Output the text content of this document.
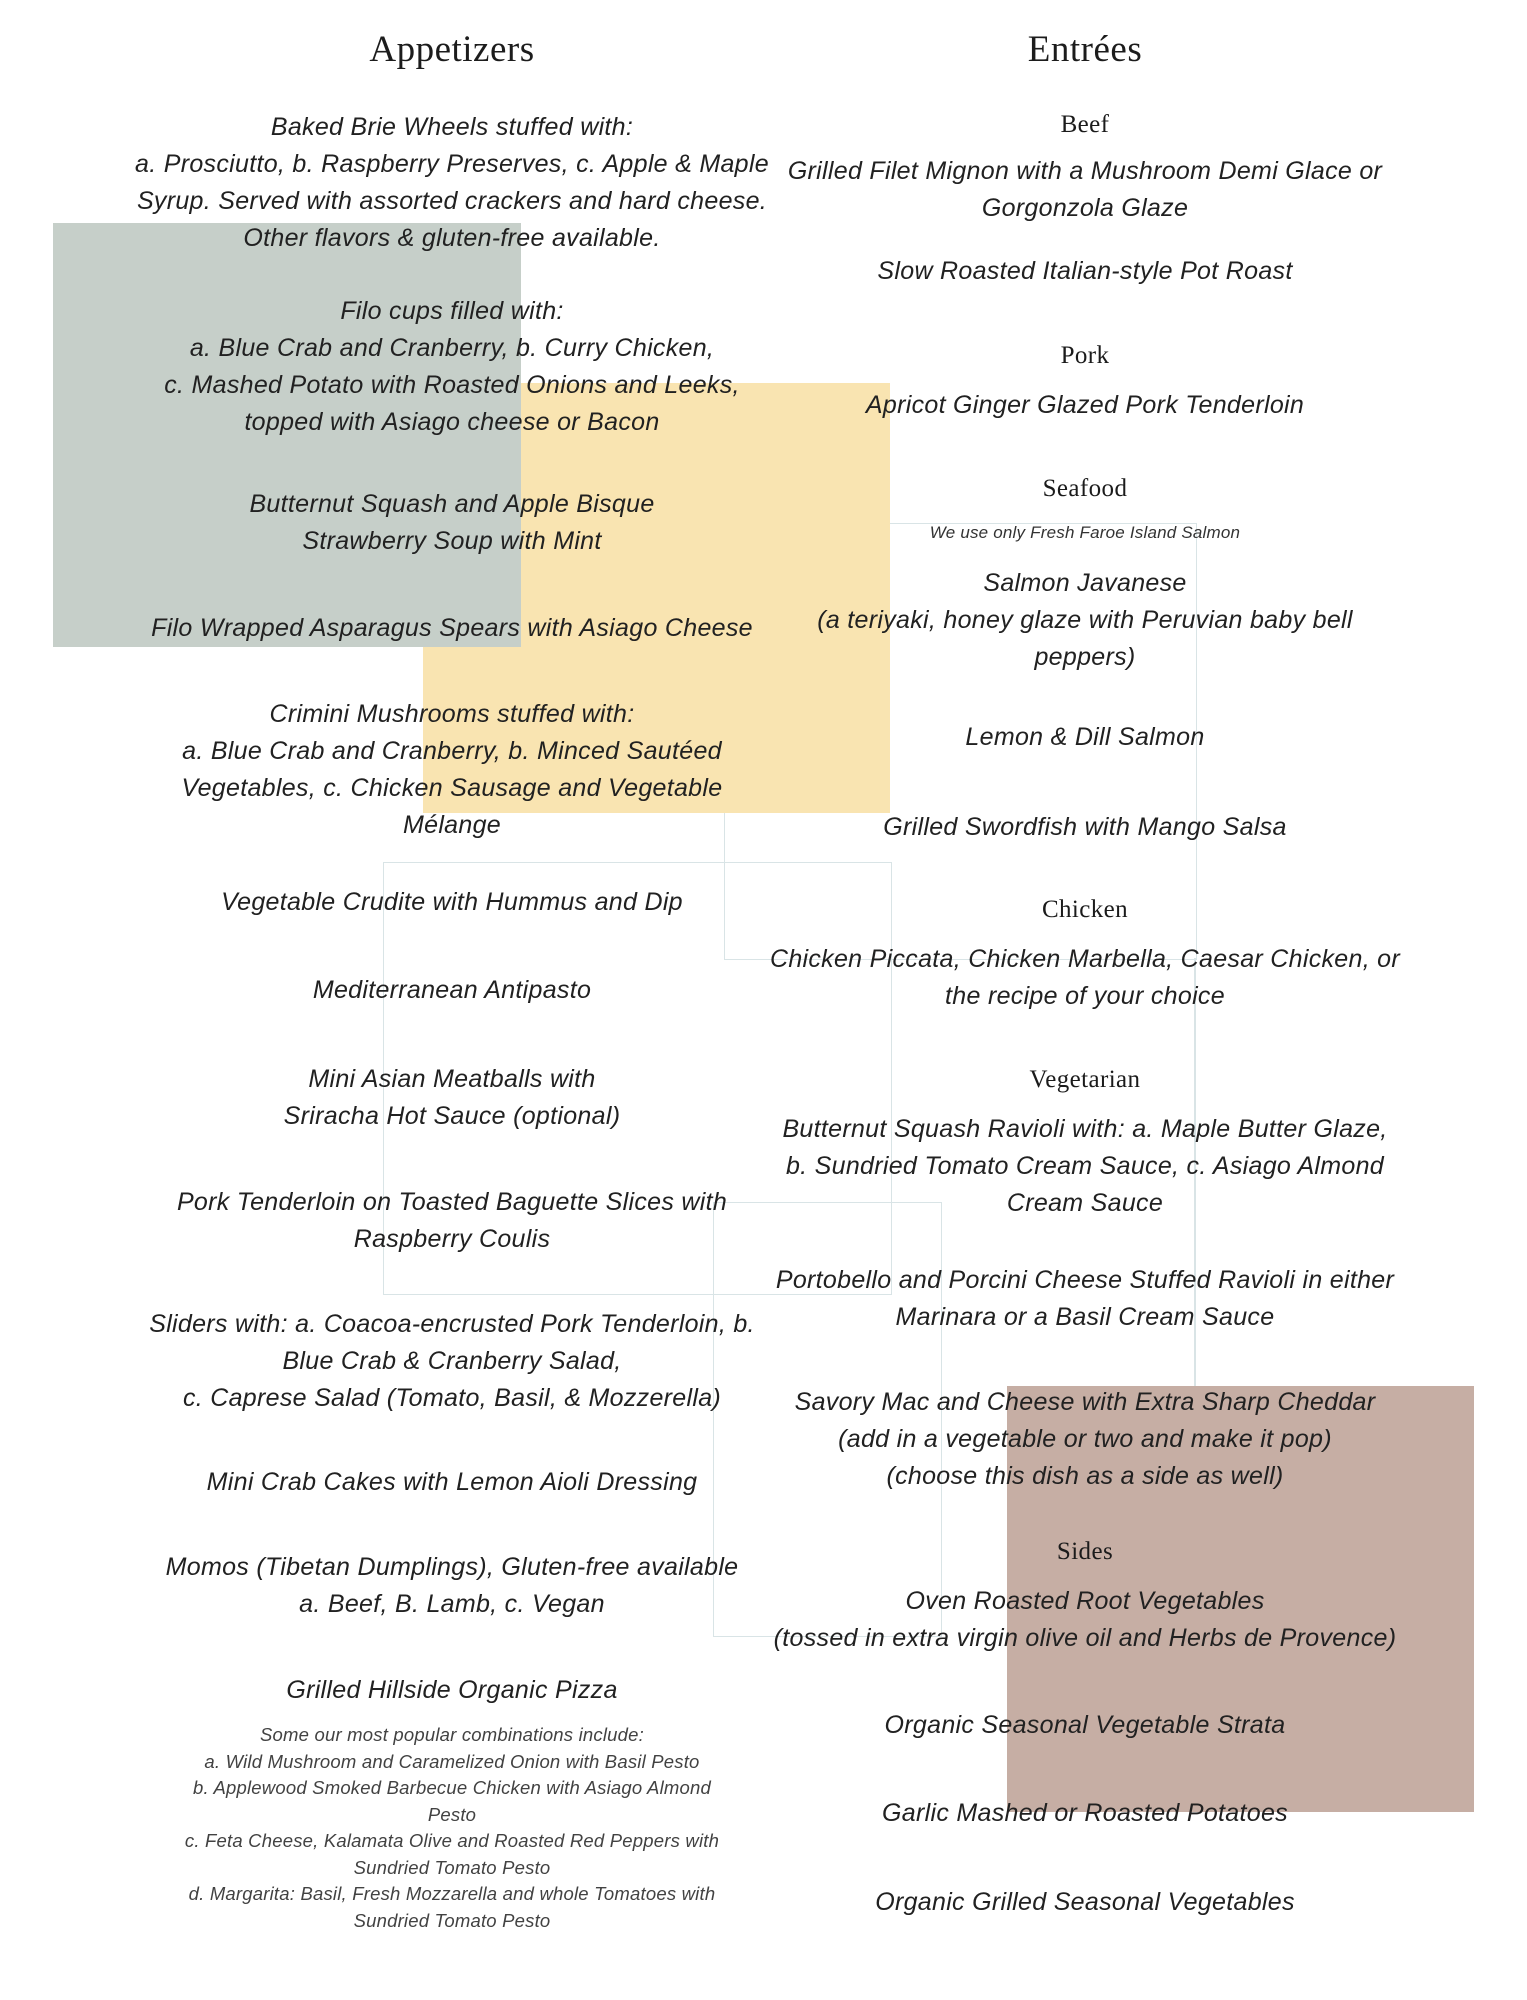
Appetizers
Baked Brie Wheels stuffed with:
a. Prosciutto, b. Raspberry Preserves, c. Apple & Maple
Syrup. Served with assorted crackers and hard cheese.
Other flavors & gluten-free available.
Filo cups filled with:
a. Blue Crab and Cranberry, b. Curry Chicken,
c. Mashed Potato with Roasted Onions and Leeks,
topped with Asiago cheese or Bacon
Butternut Squash and Apple Bisque
Strawberry Soup with Mint
Filo Wrapped Asparagus Spears with Asiago Cheese
Crimini Mushrooms stuffed with:
a. Blue Crab and Cranberry, b. Minced Sautéed
Vegetables, c. Chicken Sausage and Vegetable
Mélange
Vegetable Crudite with Hummus and Dip
Mediterranean Antipasto
Mini Asian Meatballs with
Sriracha Hot Sauce (optional)
Pork Tenderloin on Toasted Baguette Slices with
Raspberry Coulis
Sliders with: a. Coacoa-encrusted Pork Tenderloin, b.
Blue Crab & Cranberry Salad,
c. Caprese Salad (Tomato, Basil, & Mozzerella)
Mini Crab Cakes with Lemon Aioli Dressing
Momos (Tibetan Dumplings), Gluten-free available
a. Beef, B. Lamb, c. Vegan
Grilled Hillside Organic Pizza
Some our most popular combinations include:
a. Wild Mushroom and Caramelized Onion with Basil Pesto
b. Applewood Smoked Barbecue Chicken with Asiago Almond
Pesto
c. Feta Cheese, Kalamata Olive and Roasted Red Peppers with
Sundried Tomato Pesto
d. Margarita: Basil, Fresh Mozzarella and whole Tomatoes with
Sundried Tomato Pesto
Entrées
Beef
Grilled Filet Mignon with a Mushroom Demi Glace or
Gorgonzola Glaze
Slow Roasted Italian-style Pot Roast
Pork
Apricot Ginger Glazed Pork Tenderloin
Seafood
We use only Fresh Faroe Island Salmon
Salmon Javanese
(a teriyaki, honey glaze with Peruvian baby bell
peppers)
Lemon & Dill Salmon
Grilled Swordfish with Mango Salsa
Chicken
Chicken Piccata, Chicken Marbella, Caesar Chicken, or
the recipe of your choice
Vegetarian
Butternut Squash Ravioli with: a. Maple Butter Glaze,
b. Sundried Tomato Cream Sauce, c. Asiago Almond
Cream Sauce
Portobello and Porcini Cheese Stuffed Ravioli in either
Marinara or a Basil Cream Sauce
Savory Mac and Cheese with Extra Sharp Cheddar
(add in a vegetable or two and make it pop)
(choose this dish as a side as well)
Sides
Oven Roasted Root Vegetables
(tossed in extra virgin olive oil and Herbs de Provence)
Organic Seasonal Vegetable Strata
Garlic Mashed or Roasted Potatoes
Organic Grilled Seasonal Vegetables
